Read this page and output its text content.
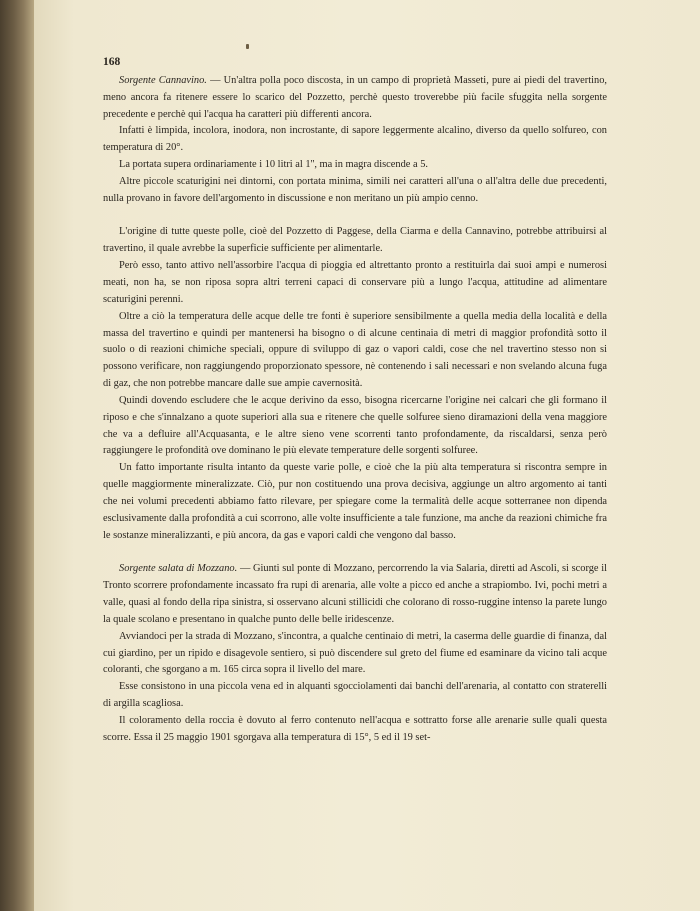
168

Sorgente Cannavino. — Un'altra polla poco discosta, in un campo di proprietà Masseti, pure ai piedi del travertino, meno ancora fa ritenere essere lo scarico del Pozzetto, perchè questo troverebbe più facile sfuggita nella sorgente precedente e perchè qui l'acqua ha caratteri più differenti ancora.

Infatti è limpida, incolora, inodora, non incrostante, di sapore leggermente alcalino, diverso da quello solfureo, con temperatura di 20°.

La portata supera ordinariamente i 10 litri al 1'', ma in magra discende a 5.

Altre piccole scaturigini nei dintorni, con portata minima, simili nei caratteri all'una o all'altra delle due precedenti, nulla provano in favore dell'argomento in discussione e non meritano un più ampio cenno.

L'origine di tutte queste polle, cioè del Pozzetto di Paggese, della Ciarma e della Cannavino, potrebbe attribuirsi al travertino, il quale avrebbe la superficie sufficiente per alimentarle.

Però esso, tanto attivo nell'assorbire l'acqua di pioggia ed altrettanto pronto a restituirla dai suoi ampi e numerosi meati, non ha, se non riposa sopra altri terreni capaci di conservare più a lungo l'acqua, attitudine ad alimentare scaturigini perenni.

Oltre a ciò la temperatura delle acque delle tre fonti è superiore sensibilmente a quella media della località e della massa del travertino e quindi per mantenersi ha bisogno o di alcune centinaia di metri di maggior profondità sotto il suolo o di reazioni chimiche speciali, oppure di sviluppo di gaz o vapori caldi, cose che nel travertino stesso non si possono verificare, non raggiungendo proporzionato spessore, nè contenendo i sali necessari e non svelando alcuna fuga di gaz, che non potrebbe mancare dalle sue ampie cavernosità.

Quindi dovendo escludere che le acque derivino da esso, bisogna ricercarne l'origine nei calcari che gli formano il riposo e che s'innalzano a quote superiori alla sua e ritenere che quelle solfuree sieno diramazioni della vena maggiore che va a defluire all'Acquasanta, e le altre sieno vene scorrenti tanto profondamente, da riscaldarsi, senza però raggiungere le profondità ove dominano le più elevate temperature delle sorgenti solfuree.

Un fatto importante risulta intanto da queste varie polle, e cioè che la più alta temperatura si riscontra sempre in quelle maggiormente mineralizzate. Ciò, pur non costituendo una prova decisiva, aggiunge un altro argomento ai tanti che nei volumi precedenti abbiamo fatto rilevare, per spiegare come la termalità delle acque sotterranee non dipenda esclusivamente dalla profondità a cui scorrono, alle volte insufficiente a tale funzione, ma anche da reazioni chimiche fra le sostanze mineralizzanti, e più ancora, da gas e vapori caldi che vengono dal basso.

Sorgente salata di Mozzano. — Giunti sul ponte di Mozzano, percorrendo la via Salaria, diretti ad Ascoli, si scorge il Tronto scorrere profondamente incassato fra rupi di arenaria, alle volte a picco ed anche a strapiombo. Ivi, pochi metri a valle, quasi al fondo della ripa sinistra, si osservano alcuni stillicidi che colorano di rosso-ruggine intenso la parete lungo la quale scolano e presentano in qualche punto delle belle iridescenze.

Avviandoci per la strada di Mozzano, s'incontra, a qualche centinaio di metri, la caserma delle guardie di finanza, dal cui giardino, per un ripido e disagevole sentiero, si può discendere sul greto del fiume ed esaminare da vicino tali acque coloranti, che sgorgano a m. 165 circa sopra il livello del mare.

Esse consistono in una piccola vena ed in alquanti sgocciolamenti dai banchi dell'arenaria, al contatto con straterelli di argilla scagliosa.

Il coloramento della roccia è dovuto al ferro contenuto nell'acqua e sottratto forse alle arenarie sulle quali questa scorre. Essa il 25 maggio 1901 sgorgava alla temperatura di 15°, 5 ed il 19 set-
